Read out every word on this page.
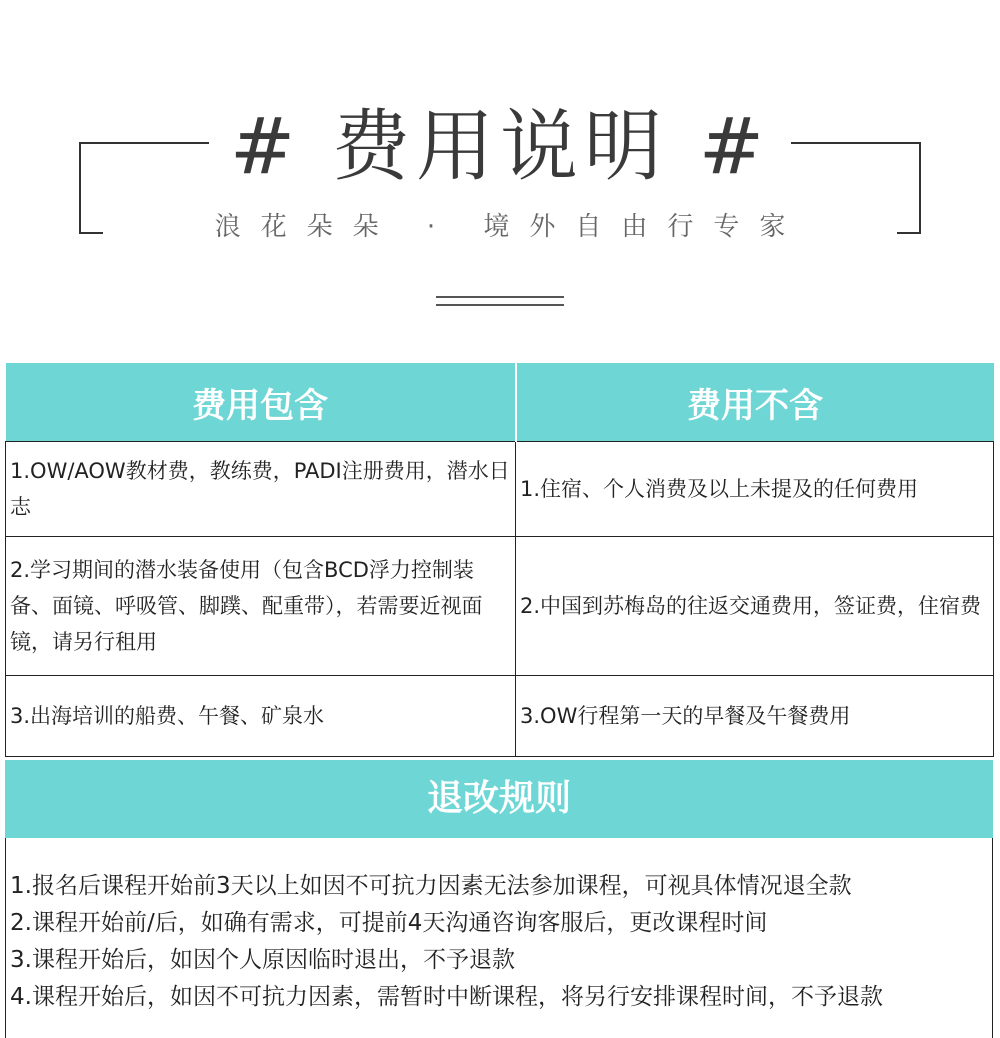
# 费用说明 #

浪花朵朵 · 境外自由行专家

费用包含	费用不含
1.OW/AOW教材费，教练费，PADI注册费用，潜水日志	1.住宿、个人消费及以上未提及的任何费用
2.学习期间的潜水装备使用（包含BCD浮力控制装备、面镜、呼吸管、脚蹼、配重带），若需要近视面镜，请另行租用	2.中国到苏梅岛的往返交通费用，签证费，住宿费
3.出海培训的船费、午餐、矿泉水	3.OW行程第一天的早餐及午餐费用
退改规则
1.报名后课程开始前3天以上如因不可抗力因素无法参加课程，可视具体情况退全款
2.课程开始前/后，如确有需求，可提前4天沟通咨询客服后，更改课程时间
3.课程开始后，如因个人原因临时退出，不予退款
4.课程开始后，如因不可抗力因素，需暂时中断课程，将另行安排课程时间，不予退款
